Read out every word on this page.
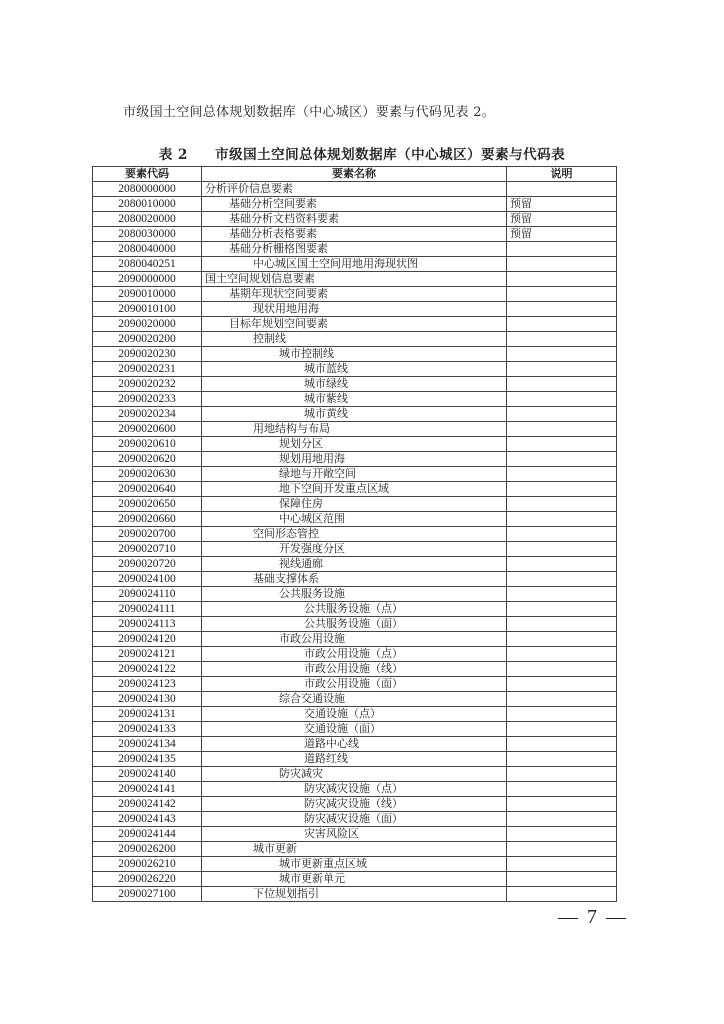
市级国土空间总体规划数据库（中心城区）要素与代码见表 2。
表 2 市级国土空间总体规划数据库（中心城区）要素与代码表
要素代码	要素名称	说明
2080000000	分析评价信息要素	
2080010000	基础分析空间要素	预留
2080020000	基础分析文档资料要素	预留
2080030000	基础分析表格要素	预留
2080040000	基础分析栅格图要素	
2080040251	中心城区国土空间用地用海现状图	
2090000000	国土空间规划信息要素	
2090010000	基期年现状空间要素	
2090010100	现状用地用海	
2090020000	目标年规划空间要素	
2090020200	控制线	
2090020230	城市控制线	
2090020231	城市蓝线	
2090020232	城市绿线	
2090020233	城市紫线	
2090020234	城市黄线	
2090020600	用地结构与布局	
2090020610	规划分区	
2090020620	规划用地用海	
2090020630	绿地与开敞空间	
2090020640	地下空间开发重点区域	
2090020650	保障住房	
2090020660	中心城区范围	
2090020700	空间形态管控	
2090020710	开发强度分区	
2090020720	视线通廊	
2090024100	基础支撑体系	
2090024110	公共服务设施	
2090024111	公共服务设施（点）	
2090024113	公共服务设施（面）	
2090024120	市政公用设施	
2090024121	市政公用设施（点）	
2090024122	市政公用设施（线）	
2090024123	市政公用设施（面）	
2090024130	综合交通设施	
2090024131	交通设施（点）	
2090024133	交通设施（面）	
2090024134	道路中心线	
2090024135	道路红线	
2090024140	防灾减灾	
2090024141	防灾减灾设施（点）	
2090024142	防灾减灾设施（线）	
2090024143	防灾减灾设施（面）	
2090024144	灾害风险区	
2090026200	城市更新	
2090026210	城市更新重点区域	
2090026220	城市更新单元	
2090027100	下位规划指引	
— 7 —
